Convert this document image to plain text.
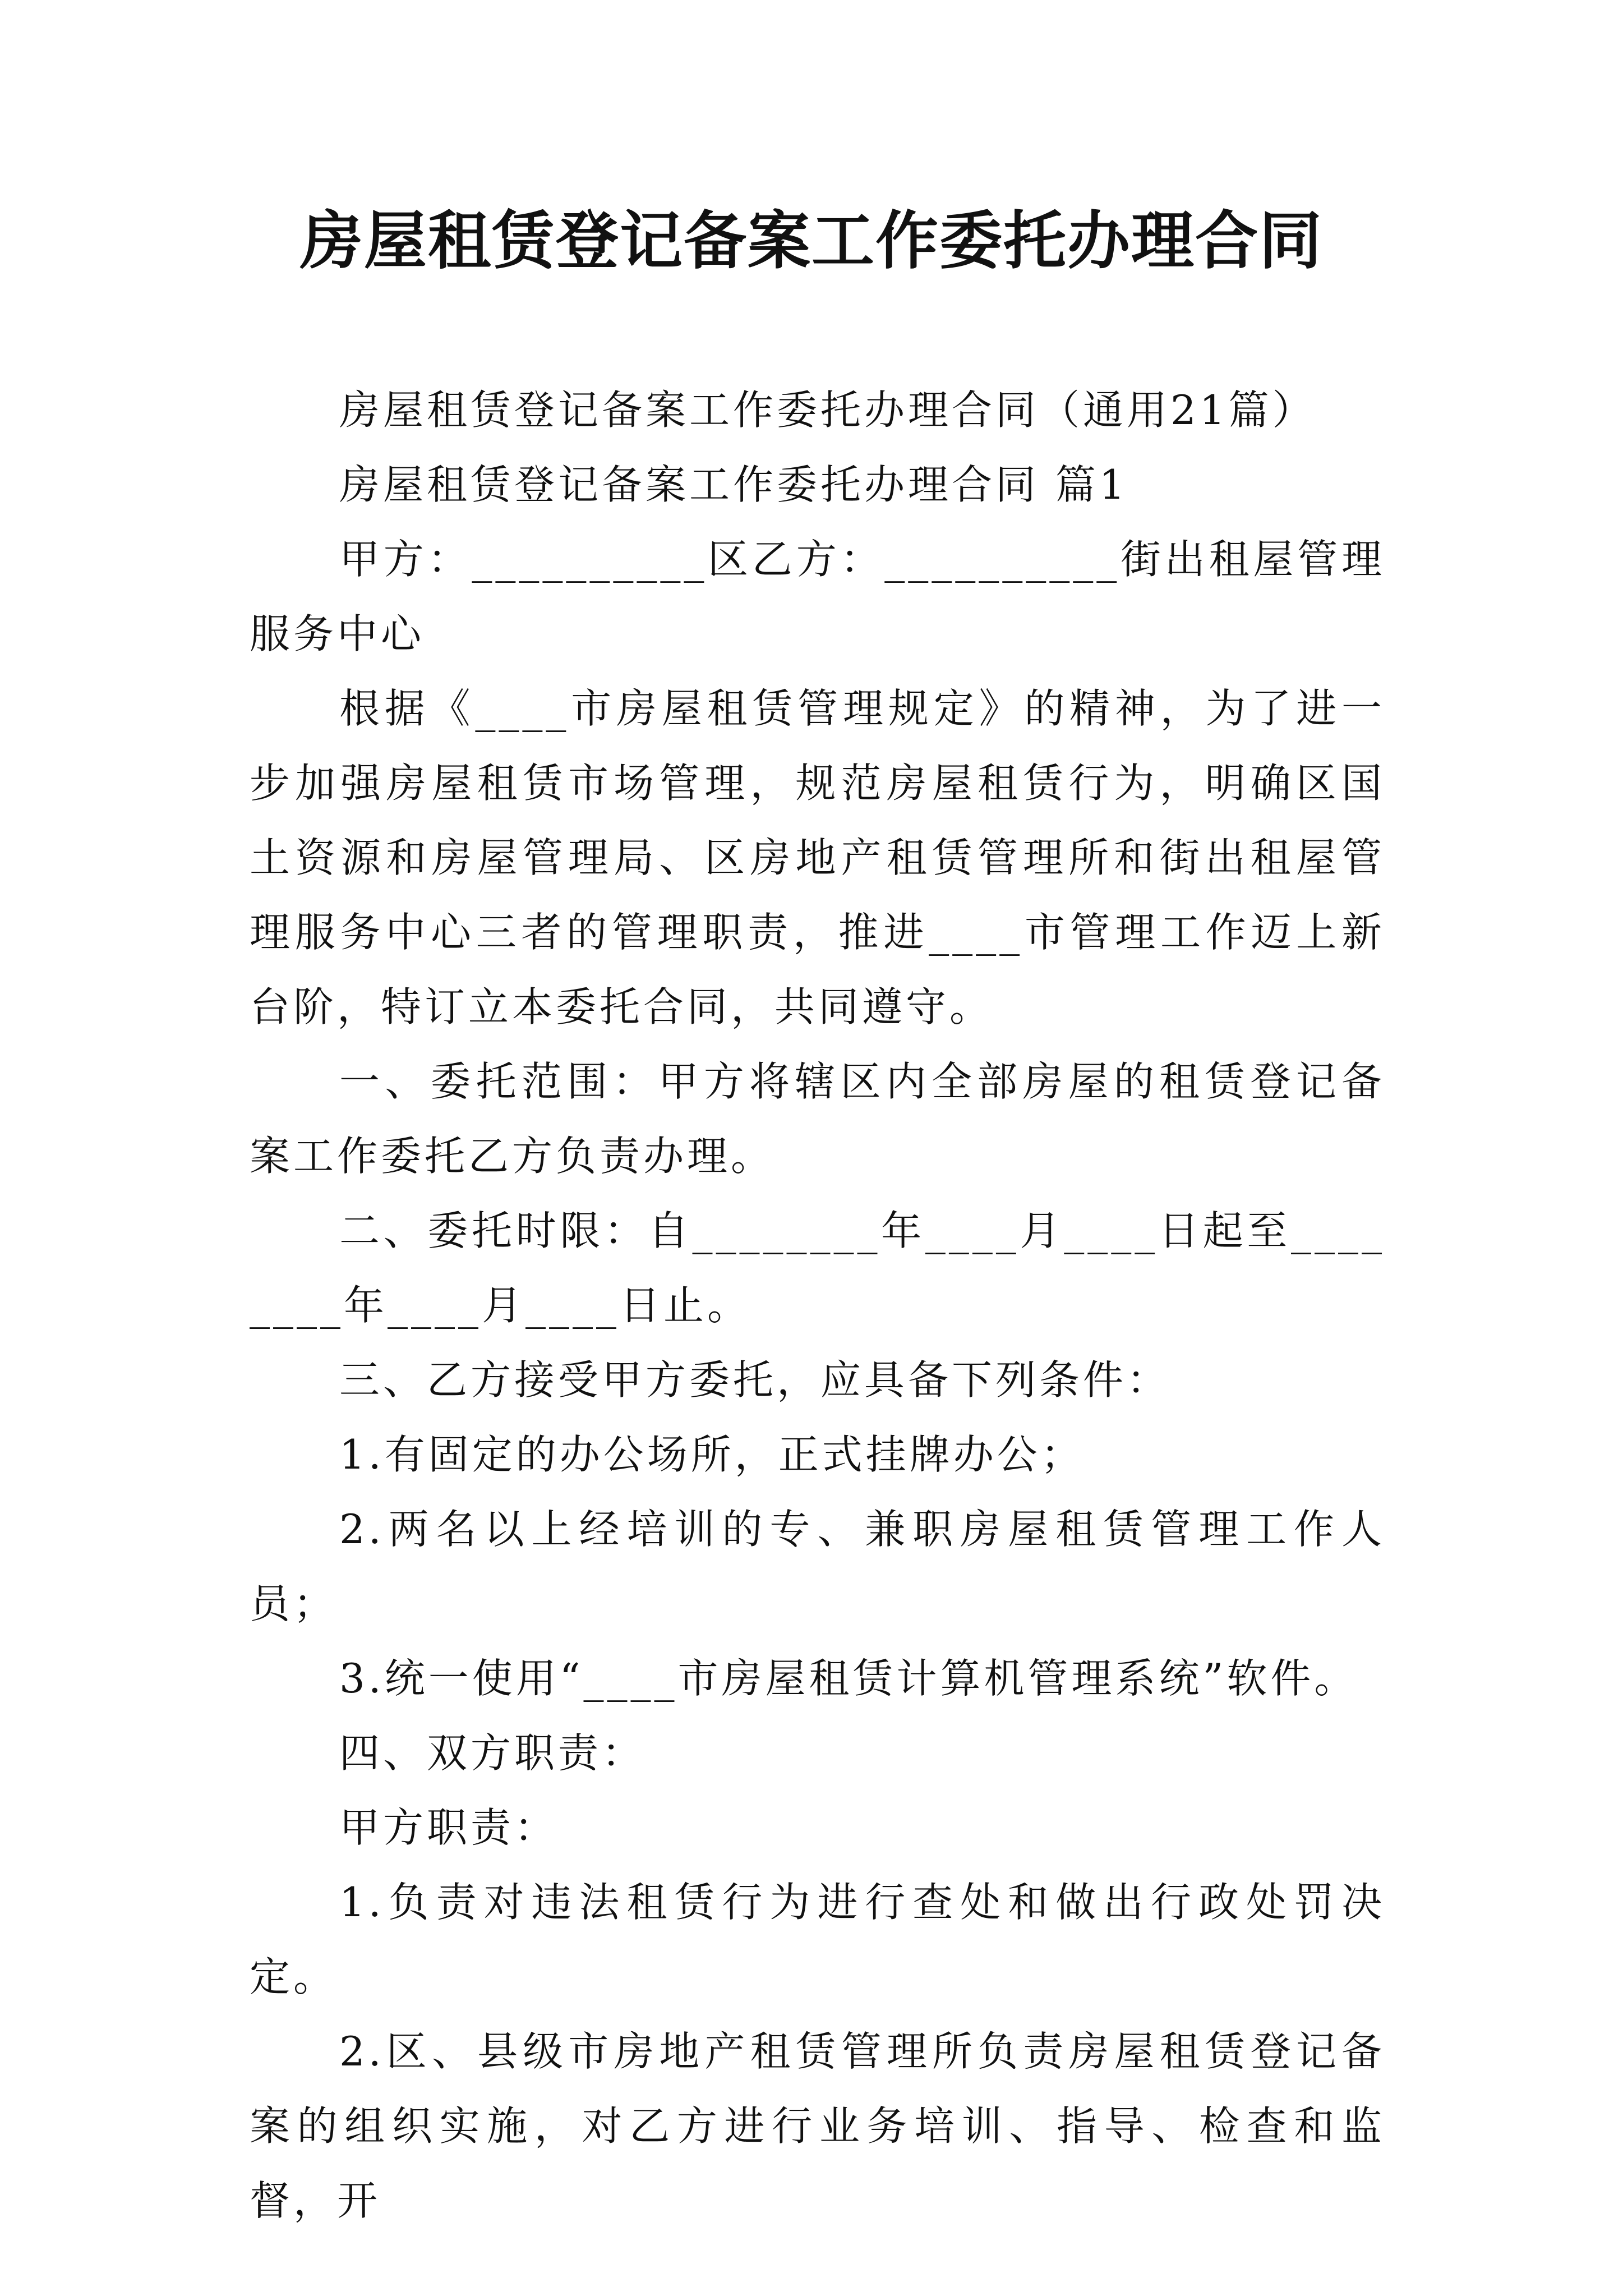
房屋租赁登记备案工作委托办理合同

房屋租赁登记备案工作委托办理合同（通用21篇）

房屋租赁登记备案工作委托办理合同 篇1

甲方：__________区乙方：__________街出租屋管理服务中心

根据《____市房屋租赁管理规定》的精神，为了进一步加强房屋租赁市场管理，规范房屋租赁行为，明确区国土资源和房屋管理局、区房地产租赁管理所和街出租屋管理服务中心三者的管理职责，推进____市管理工作迈上新台阶，特订立本委托合同，共同遵守。

一、委托范围：甲方将辖区内全部房屋的租赁登记备案工作委托乙方负责办理。

二、委托时限：自________年____月____日起至________年____月____日止。

三、乙方接受甲方委托，应具备下列条件：

1.有固定的办公场所，正式挂牌办公；

2.两名以上经培训的专、兼职房屋租赁管理工作人员；

3.统一使用“____市房屋租赁计算机管理系统”软件。

四、双方职责：

甲方职责：

1.负责对违法租赁行为进行查处和做出行政处罚决定。

2.区、县级市房地产租赁管理所负责房屋租赁登记备案的组织实施，对乙方进行业务培训、指导、检查和监督，开
